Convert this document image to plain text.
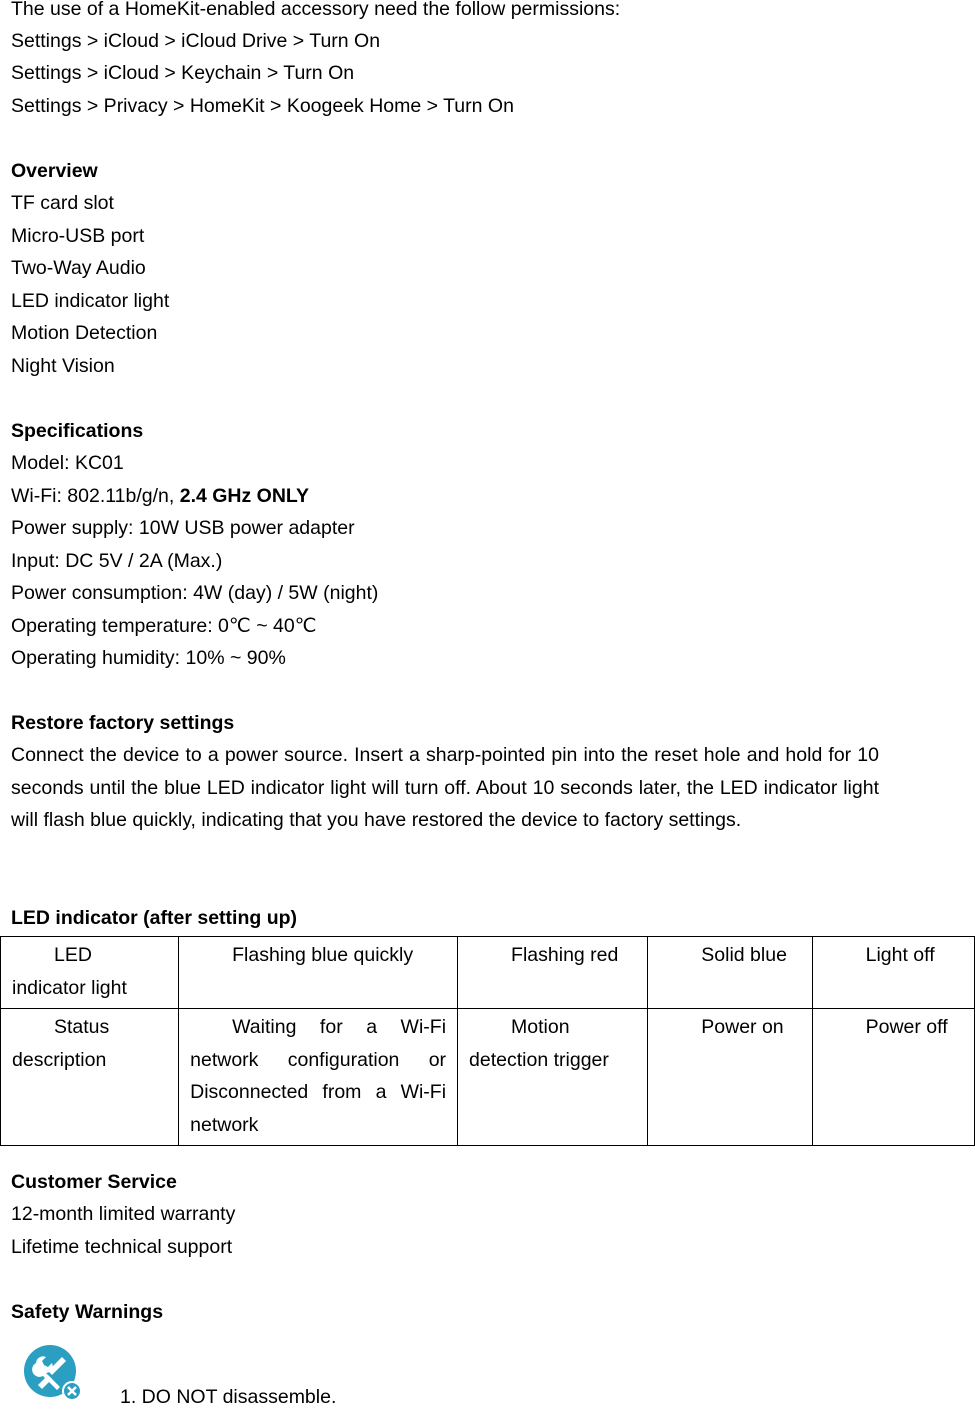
The use of a HomeKit-enabled accessory need the follow permissions:
Settings > iCloud > iCloud Drive > Turn On
Settings > iCloud > Keychain > Turn On
Settings > Privacy > HomeKit > Koogeek Home > Turn On
Overview
TF card slot
Micro-USB port
Two-Way Audio
LED indicator light
Motion Detection
Night Vision
Specifications
Model: KC01
Wi-Fi: 802.11b/g/n, 2.4 GHz ONLY
Power supply: 10W USB power adapter
Input: DC 5V / 2A (Max.)
Power consumption: 4W (day) / 5W (night)
Operating temperature: 0℃ ~ 40℃
Operating humidity: 10% ~ 90%
Restore factory settings
Connect the device to a power source. Insert a sharp-pointed pin into the reset hole and hold for 10 seconds until the blue LED indicator light will turn off. About 10 seconds later, the LED indicator light will flash blue quickly, indicating that you have restored the device to factory settings.
LED indicator (after setting up)
LED indicator light	Flashing blue quickly	Flashing red	Solid blue	Light off
Status description	Waiting for a Wi-Fi network configuration or Disconnected from a Wi-Fi network	Motion detection trigger	Power on	Power off
Customer Service
12-month limited warranty
Lifetime technical support
Safety Warnings
1. DO NOT disassemble.
